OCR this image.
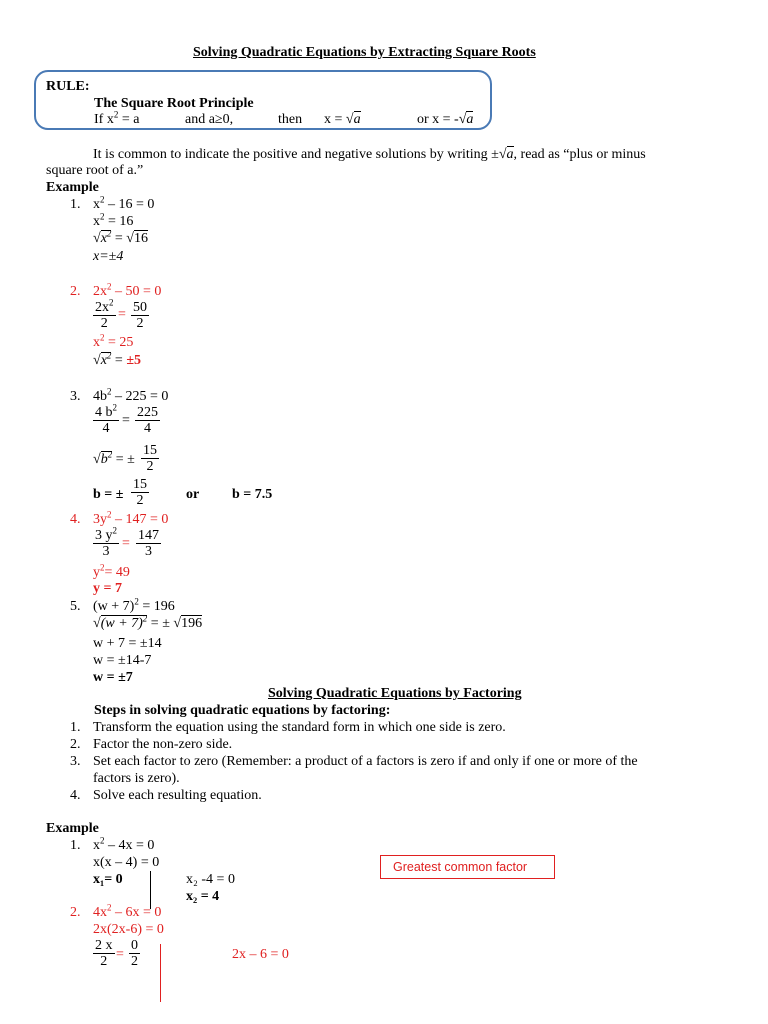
Solving Quadratic Equations by Extracting Square Roots
RULE:
The Square Root Principle
If $x^2 = a$	and a≥0,	then x = √a	or x = -√a
It is common to indicate the positive and negative solutions by writing ±√a, read as “plus or minus
square root of a.”
Example
1. $x^2 - 16 = 0$
$x^2 = 16$
$√x^2 = √16$
x=±4
2. $2x^2 - 50 = 0$
$\frac{2x^2}{2} = \frac{50}{2}$
$x^2 = 25$
$√x^2 = \pm 5$
3. $4b^2 - 225 = 0$
$\frac{4 b^2}{4} = \frac{225}{4}$
$√b^2$ = ± $\frac{15}{2}$
b = ± $\frac{15}{2}$	or b = 7.5
4. $3y^2 - 147 = 0$
$\frac{3 y^2}{3} = \frac{147}{3}$
$y^2= 49$
y = 7
5. $(w + 7)^2 = 196$
$√(w + 7)^2$ = ± √196
w + 7 = ±14
w = ±14-7
w = ±7
Solving Quadratic Equations by Factoring
Steps in solving quadratic equations by factoring:
1. Transform the equation using the standard form in which one side is zero.
2. Factor the non-zero side.
3. Set each factor to zero (Remember: a product of a factors is zero if and only if one or more of the
factors is zero).
4. Solve each resulting equation.
Example
1. $x^2 - 4x = 0$
x(x – 4) = 0
x₁= 0	x₂ -4 = 0
x₂ = 4
Greatest common factor
2. $4x^2 - 6x = 0$
2x(2x-6) = 0
$\frac{2 x}{2} = \frac{0}{2}$	2x – 6 = 0
